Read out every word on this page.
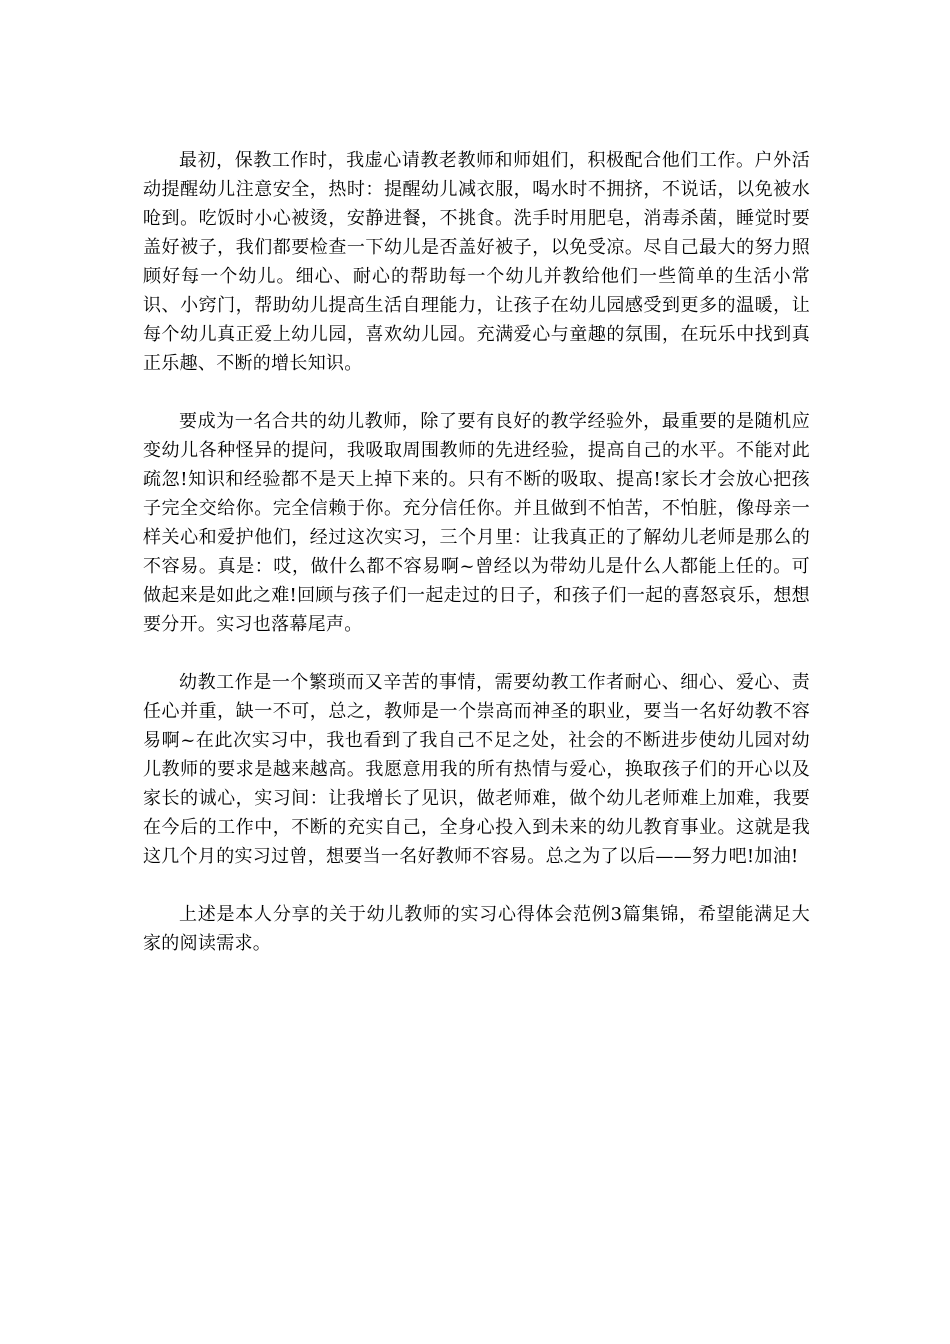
最初，保教工作时，我虚心请教老教师和师姐们，积极配合他们工作。户外活动提醒幼儿注意安全，热时：提醒幼儿减衣服，喝水时不拥挤，不说话，以免被水呛到。吃饭时小心被烫，安静进餐，不挑食。洗手时用肥皂，消毒杀菌，睡觉时要盖好被子，我们都要检查一下幼儿是否盖好被子，以免受凉。尽自己最大的努力照顾好每一个幼儿。细心、耐心的帮助每一个幼儿并教给他们一些简单的生活小常识、小窍门，帮助幼儿提高生活自理能力，让孩子在幼儿园感受到更多的温暖，让每个幼儿真正爱上幼儿园，喜欢幼儿园。充满爱心与童趣的氛围，在玩乐中找到真正乐趣、不断的增长知识。

要成为一名合共的幼儿教师，除了要有良好的教学经验外，最重要的是随机应变幼儿各种怪异的提问，我吸取周围教师的先进经验，提高自己的水平。不能对此疏忽!知识和经验都不是天上掉下来的。只有不断的吸取、提高!家长才会放心把孩子完全交给你。完全信赖于你。充分信任你。并且做到不怕苦，不怕脏，像母亲一样关心和爱护他们，经过这次实习，三个月里：让我真正的了解幼儿老师是那么的不容易。真是：哎，做什么都不容易啊~曾经以为带幼儿是什么人都能上任的。可做起来是如此之难!回顾与孩子们一起走过的日子，和孩子们一起的喜怒哀乐，想想要分开。实习也落幕尾声。

幼教工作是一个繁琐而又辛苦的事情，需要幼教工作者耐心、细心、爱心、责任心并重，缺一不可，总之，教师是一个崇高而神圣的职业，要当一名好幼教不容易啊~在此次实习中，我也看到了我自己不足之处，社会的不断进步使幼儿园对幼儿教师的要求是越来越高。我愿意用我的所有热情与爱心，换取孩子们的开心以及家长的诚心，实习间：让我增长了见识，做老师难，做个幼儿老师难上加难，我要在今后的工作中，不断的充实自己，全身心投入到未来的幼儿教育事业。这就是我这几个月的实习过曾，想要当一名好教师不容易。总之为了以后——努力吧!加油!

上述是本人分享的关于幼儿教师的实习心得体会范例3篇集锦，希望能满足大家的阅读需求。
